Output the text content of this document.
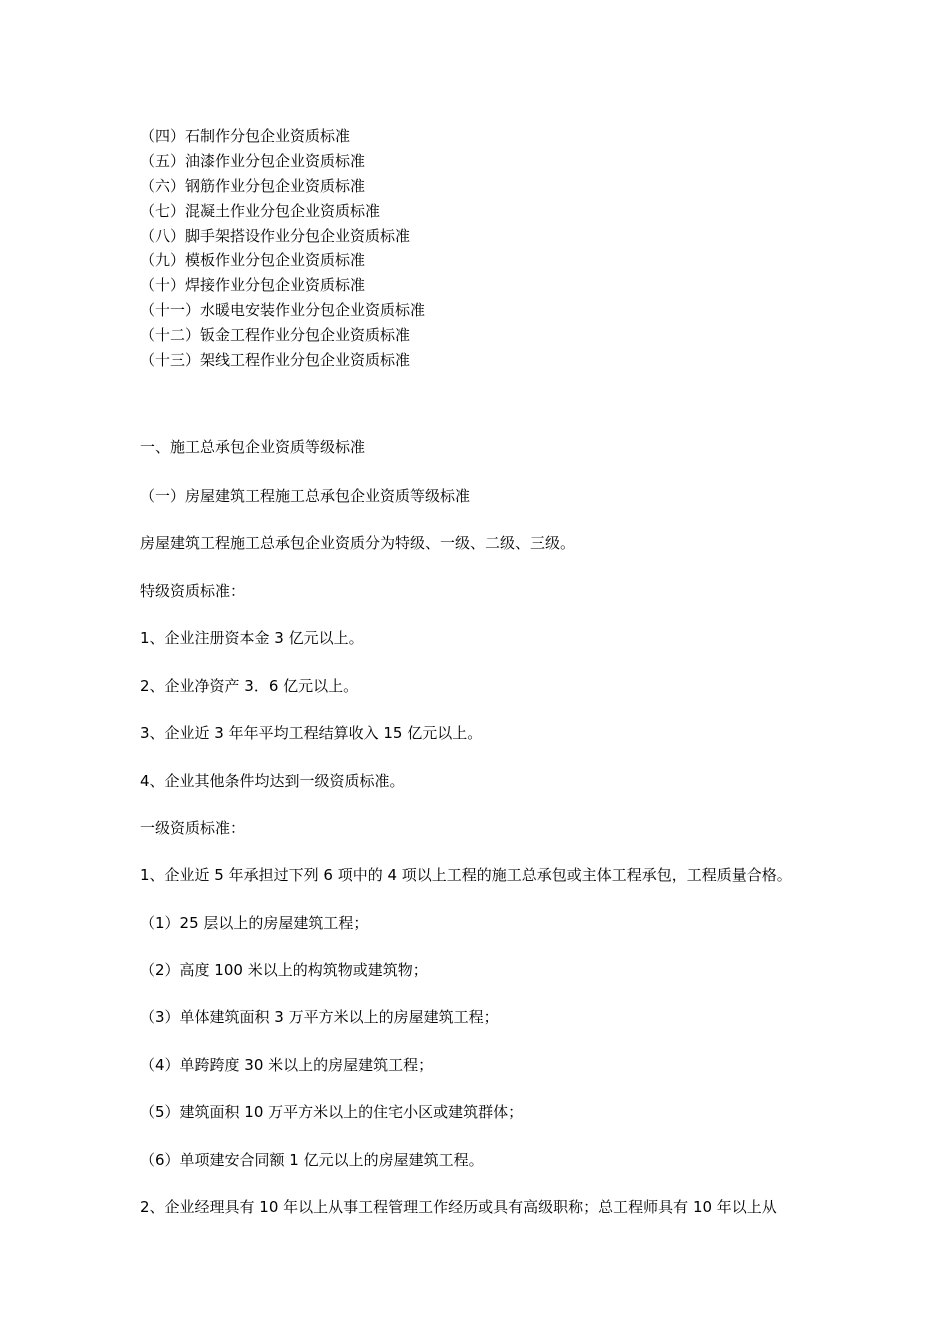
（四）石制作分包企业资质标准
（五）油漆作业分包企业资质标准
（六）钢筋作业分包企业资质标准
（七）混凝土作业分包企业资质标准
（八）脚手架搭设作业分包企业资质标准
（九）模板作业分包企业资质标准
（十）焊接作业分包企业资质标准
（十一）水暖电安装作业分包企业资质标准
（十二）钣金工程作业分包企业资质标准
（十三）架线工程作业分包企业资质标准

一、施工总承包企业资质等级标准

（一）房屋建筑工程施工总承包企业资质等级标准

房屋建筑工程施工总承包企业资质分为特级、一级、二级、三级。

特级资质标准：

1、企业注册资本金 3 亿元以上。

2、企业净资产 3．6 亿元以上。

3、企业近 3 年年平均工程结算收入 15 亿元以上。

4、企业其他条件均达到一级资质标准。

一级资质标准：

1、企业近 5 年承担过下列 6 项中的 4 项以上工程的施工总承包或主体工程承包，工程质量合格。

（1）25 层以上的房屋建筑工程；

（2）高度 100 米以上的构筑物或建筑物；

（3）单体建筑面积 3 万平方米以上的房屋建筑工程；

（4）单跨跨度 30 米以上的房屋建筑工程；

（5）建筑面积 10 万平方米以上的住宅小区或建筑群体；

（6）单项建安合同额 1 亿元以上的房屋建筑工程。

2、企业经理具有 10 年以上从事工程管理工作经历或具有高级职称；总工程师具有 10 年以上从
